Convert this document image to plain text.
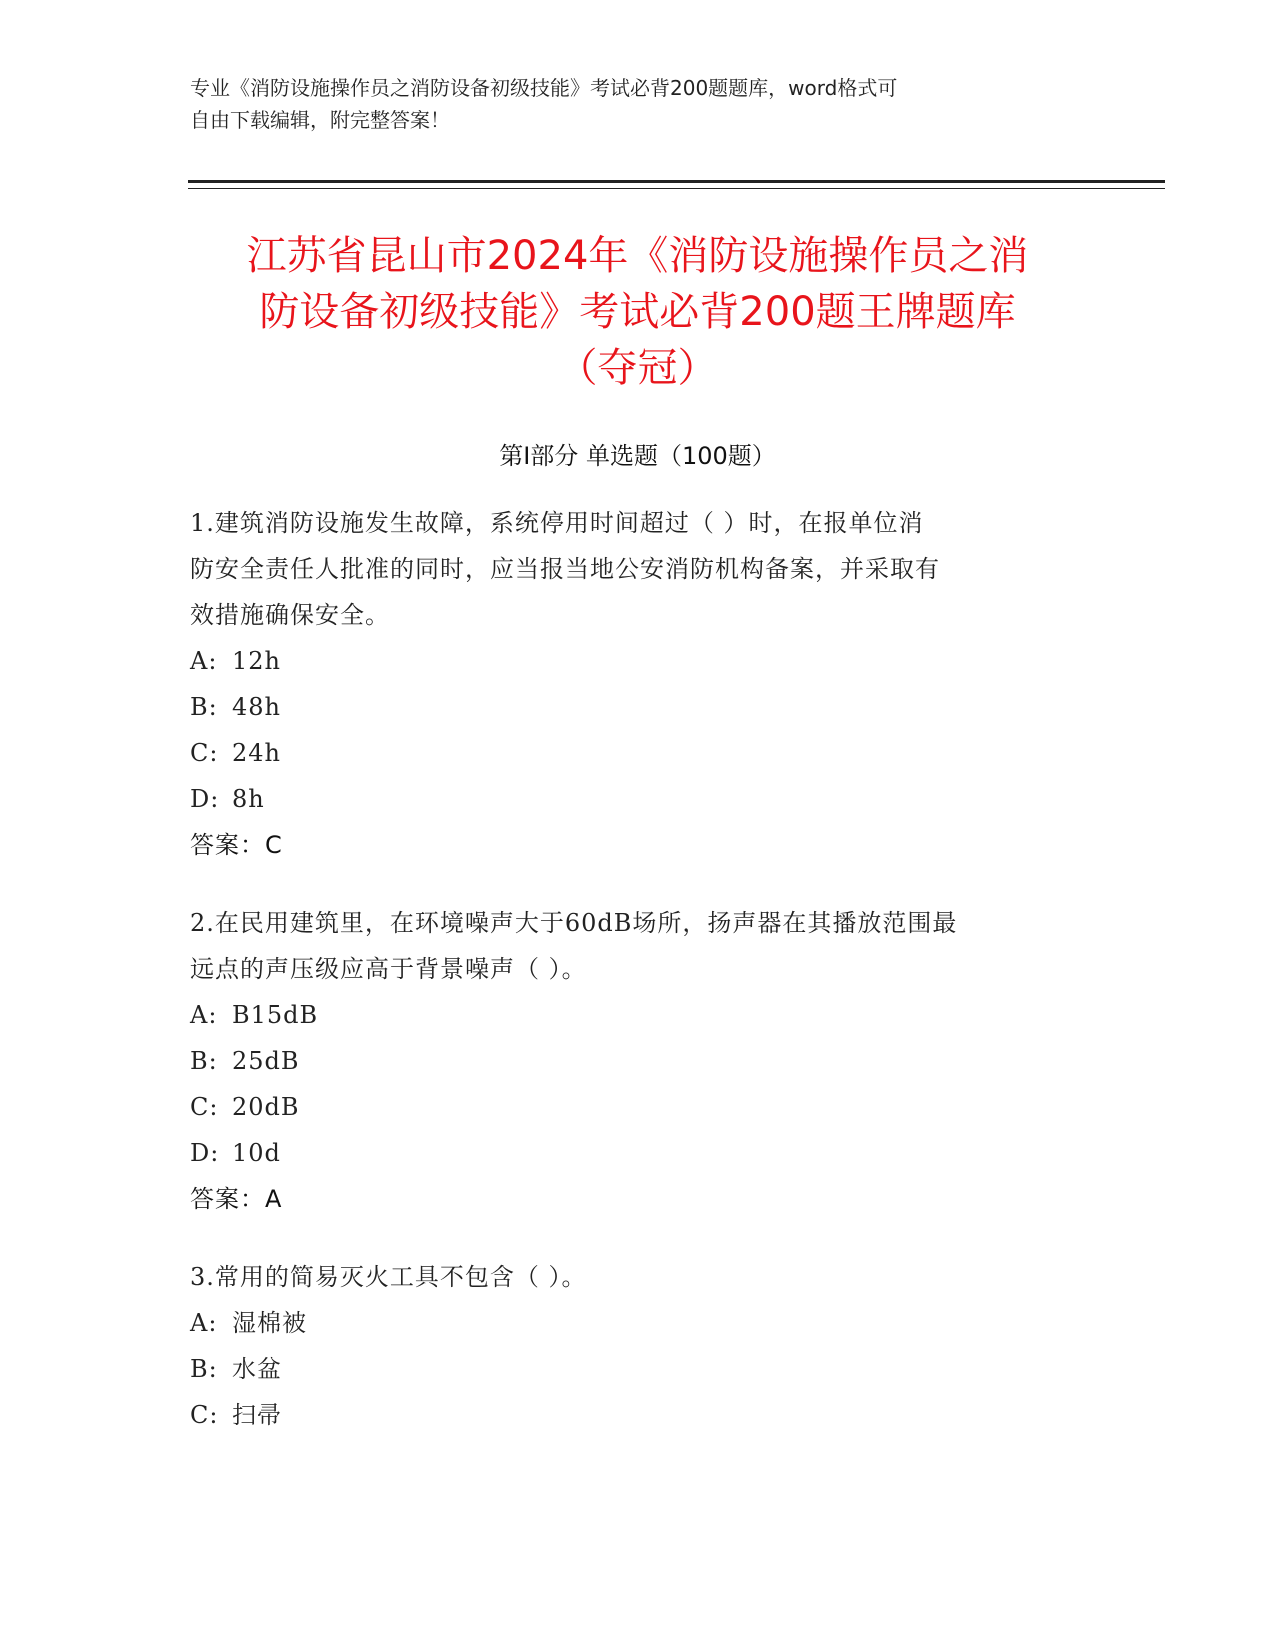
专业《消防设施操作员之消防设备初级技能》考试必背200题题库，word格式可
自由下载编辑，附完整答案！
江苏省昆山市2024年《消防设施操作员之消
防设备初级技能》考试必背200题王牌题库
（夺冠）
第Ⅰ部分 单选题（100题）
1.建筑消防设施发生故障，系统停用时间超过（ ）时，在报单位消
防安全责任人批准的同时，应当报当地公安消防机构备案，并采取有
效措施确保安全。
A: 12h
B: 48h
C: 24h
D: 8h
答案：C
2.在民用建筑里，在环境噪声大于60dB场所，扬声器在其播放范围最
远点的声压级应高于背景噪声（ ）。
A: B15dB
B: 25dB
C: 20dB
D: 10d
答案：A
3.常用的简易灭火工具不包含（ ）。
A: 湿棉被
B: 水盆
C: 扫帚
